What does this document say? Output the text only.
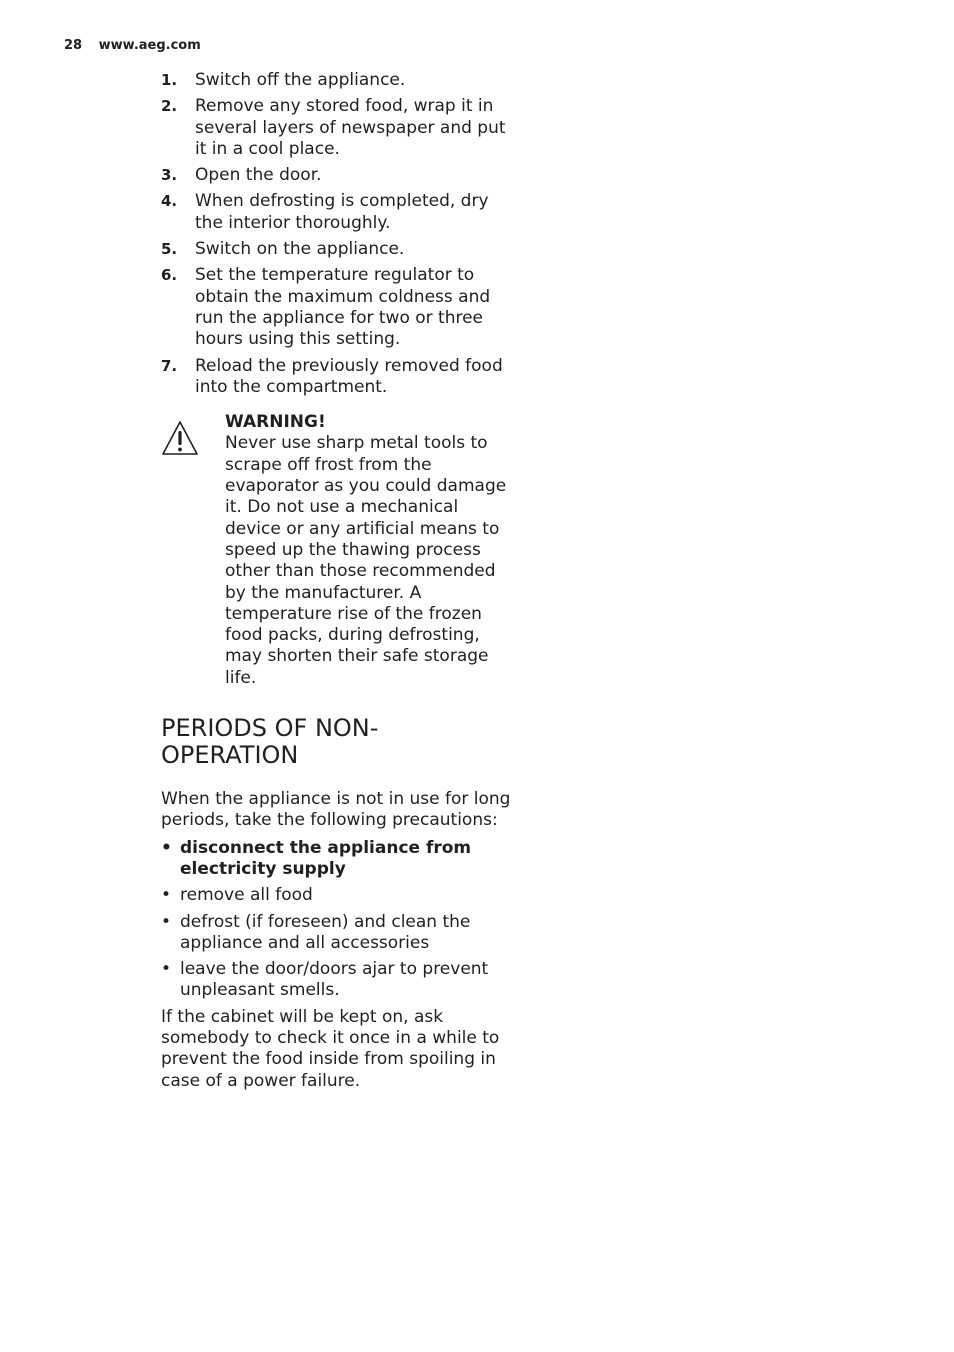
28 www.aeg.com
1. Switch off the appliance.
2. Remove any stored food, wrap it in several layers of newspaper and put it in a cool place.
3. Open the door.
4. When defrosting is completed, dry the interior thoroughly.
5. Switch on the appliance.
6. Set the temperature regulator to obtain the maximum coldness and run the appliance for two or three hours using this setting.
7. Reload the previously removed food into the compartment.
WARNING!
Never use sharp metal tools to scrape off frost from the evaporator as you could damage it. Do not use a mechanical device or any artificial means to speed up the thawing process other than those recommended by the manufacturer. A temperature rise of the frozen food packs, during defrosting, may shorten their safe storage life.
PERIODS OF NON-OPERATION

When the appliance is not in use for long periods, take the following precautions:

• disconnect the appliance from electricity supply
• remove all food
• defrost (if foreseen) and clean the appliance and all accessories
• leave the door/doors ajar to prevent unpleasant smells.

If the cabinet will be kept on, ask somebody to check it once in a while to prevent the food inside from spoiling in case of a power failure.
